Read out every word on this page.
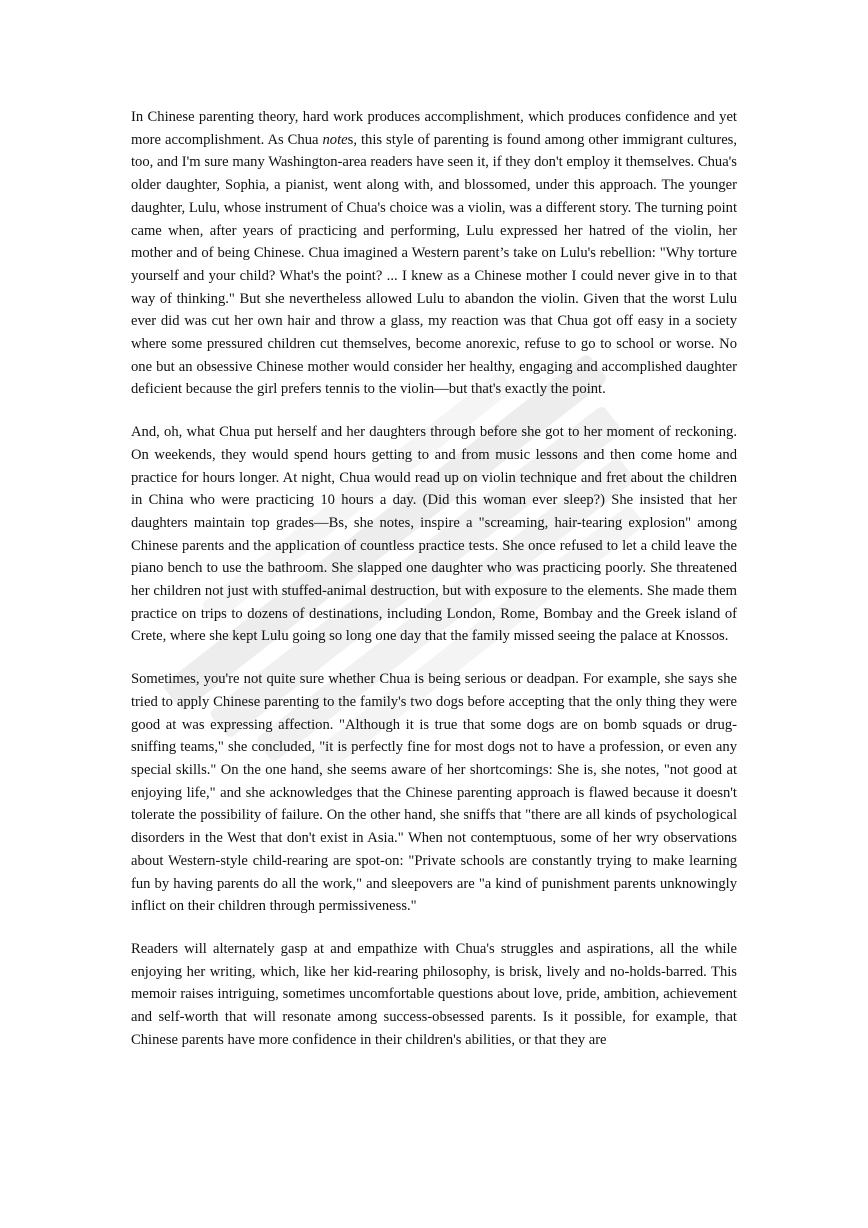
In Chinese parenting theory, hard work produces accomplishment, which produces confidence and yet more accomplishment. As Chua notes, this style of parenting is found among other immigrant cultures, too, and I'm sure many Washington-area readers have seen it, if they don't employ it themselves. Chua's older daughter, Sophia, a pianist, went along with, and blossomed, under this approach. The younger daughter, Lulu, whose instrument of Chua's choice was a violin, was a different story. The turning point came when, after years of practicing and performing, Lulu expressed her hatred of the violin, her mother and of being Chinese. Chua imagined a Western parent’s take on Lulu's rebellion: "Why torture yourself and your child? What's the point? ... I knew as a Chinese mother I could never give in to that way of thinking." But she nevertheless allowed Lulu to abandon the violin. Given that the worst Lulu ever did was cut her own hair and throw a glass, my reaction was that Chua got off easy in a society where some pressured children cut themselves, become anorexic, refuse to go to school or worse. No one but an obsessive Chinese mother would consider her healthy, engaging and accomplished daughter deficient because the girl prefers tennis to the violin—but that's exactly the point.

And, oh, what Chua put herself and her daughters through before she got to her moment of reckoning. On weekends, they would spend hours getting to and from music lessons and then come home and practice for hours longer. At night, Chua would read up on violin technique and fret about the children in China who were practicing 10 hours a day. (Did this woman ever sleep?) She insisted that her daughters maintain top grades—Bs, she notes, inspire a "screaming, hair-tearing explosion" among Chinese parents and the application of countless practice tests. She once refused to let a child leave the piano bench to use the bathroom. She slapped one daughter who was practicing poorly. She threatened her children not just with stuffed-animal destruction, but with exposure to the elements. She made them practice on trips to dozens of destinations, including London, Rome, Bombay and the Greek island of Crete, where she kept Lulu going so long one day that the family missed seeing the palace at Knossos.

Sometimes, you're not quite sure whether Chua is being serious or deadpan. For example, she says she tried to apply Chinese parenting to the family's two dogs before accepting that the only thing they were good at was expressing affection. "Although it is true that some dogs are on bomb squads or drug-sniffing teams," she concluded, "it is perfectly fine for most dogs not to have a profession, or even any special skills." On the one hand, she seems aware of her shortcomings: She is, she notes, "not good at enjoying life," and she acknowledges that the Chinese parenting approach is flawed because it doesn't tolerate the possibility of failure. On the other hand, she sniffs that "there are all kinds of psychological disorders in the West that don't exist in Asia." When not contemptuous, some of her wry observations about Western-style child-rearing are spot-on: "Private schools are constantly trying to make learning fun by having parents do all the work," and sleepovers are "a kind of punishment parents unknowingly inflict on their children through permissiveness."

Readers will alternately gasp at and empathize with Chua's struggles and aspirations, all the while enjoying her writing, which, like her kid-rearing philosophy, is brisk, lively and no-holds-barred. This memoir raises intriguing, sometimes uncomfortable questions about love, pride, ambition, achievement and self-worth that will resonate among success-obsessed parents. Is it possible, for example, that Chinese parents have more confidence in their children's abilities, or that they are
